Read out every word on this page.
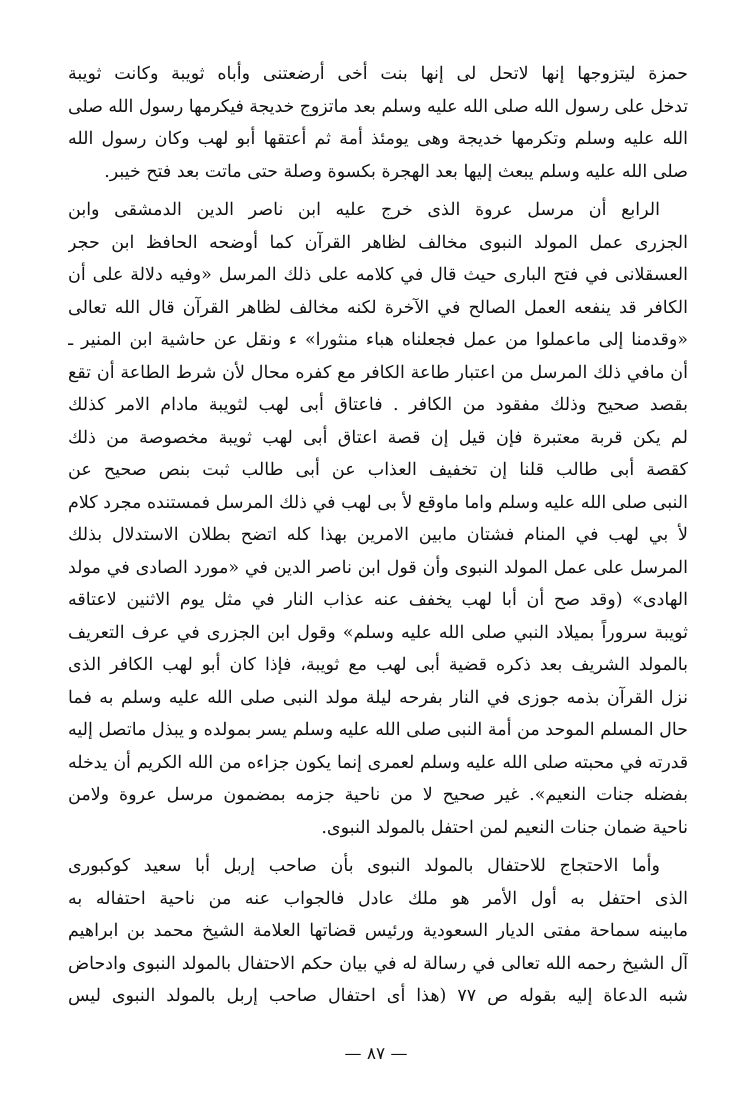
حمزة ليتزوجها إنها لاتحل لى إنها بنت أخى أرضعتنى وأباه ثويبة وكانت ثويبة
تدخل على رسول الله صلى الله عليه وسلم بعد ماتزوج خديجة فيكرمها رسول الله صلى
الله عليه وسلم وتكرمها خديجة وهى يومئذ أمة ثم أعتقها أبو لهب وكان رسول الله
صلى الله عليه وسلم يبعث إليها بعد الهجرة بكسوة وصلة حتى ماتت بعد فتح خيبر.
الرابع أن مرسل عروة الذى خرج عليه ابن ناصر الدين الدمشقى وابن
الجزرى عمل المولد النبوى مخالف لظاهر القرآن كما أوضحه الحافظ ابن حجر
العسقلانى في فتح البارى حيث قال في كلامه على ذلك المرسل «وفيه دلالة على أن
الكافر قد ينفعه العمل الصالح في الآخرة لكنه مخالف لظاهر القرآن قال الله تعالى
«وقدمنا إلى ماعملوا من عمل فجعلناه هباء منثورا» ء ونقل عن حاشية ابن المنير ـ
أن مافي ذلك المرسل من اعتبار طاعة الكافر مع كفره محال لأن شرط الطاعة أن تقع
بقصد صحيح وذلك مفقود من الكافر . فاعتاق أبى لهب لثويبة مادام الامر كذلك
لم يكن قربة معتبرة فإن قيل إن قصة اعتاق أبى لهب ثويبة مخصوصة من ذلك
كقصة أبى طالب قلنا إن تخفيف العذاب عن أبى طالب ثبت بنص صحيح عن
النبى صلى الله عليه وسلم واما ماوقع لأ بى لهب في ذلك المرسل فمستنده مجرد كلام
لأ بي لهب في المنام فشتان مابين الامرين بهذا كله اتضح بطلان الاستدلال بذلك
المرسل على عمل المولد النبوى وأن قول ابن ناصر الدين في «مورد الصادى في مولد
الهادى» (وقد صح أن أبا لهب يخفف عنه عذاب النار في مثل يوم الاثنين لاعتاقه
ثويبة سروراً بميلاد النبي صلى الله عليه وسلم» وقول ابن الجزرى في عرف التعريف
بالمولد الشريف بعد ذكره قضية أبى لهب مع ثويبة، فإذا كان أبو لهب الكافر الذى
نزل القرآن بذمه جوزى في النار بفرحه ليلة مولد النبى صلى الله عليه وسلم به فما
حال المسلم الموحد من أمة النبى صلى الله عليه وسلم يسر بمولده و يبذل ماتصل إليه
قدرته في محبته صلى الله عليه وسلم لعمرى إنما يكون جزاءه من الله الكريم أن يدخله
بفضله جنات النعيم». غير صحيح لا من ناحية جزمه بمضمون مرسل عروة ولامن
ناحية ضمان جنات النعيم لمن احتفل بالمولد النبوى.
وأما الاحتجاج للاحتفال بالمولد النبوى بأن صاحب إربل أبا سعيد كوكبورى
الذى احتفل به أول الأمر هو ملك عادل فالجواب عنه من ناحية احتفاله به
مابينه سماحة مفتى الديار السعودية ورئيس قضاتها العلامة الشيخ محمد بن ابراهيم
آل الشيخ رحمه الله تعالى في رسالة له في بيان حكم الاحتفال بالمولد النبوى وادحاض
شبه الدعاة إليه بقوله ص ٧٧ (هذا أى احتفال صاحب إربل بالمولد النبوى ليس
— ٨٧ —
